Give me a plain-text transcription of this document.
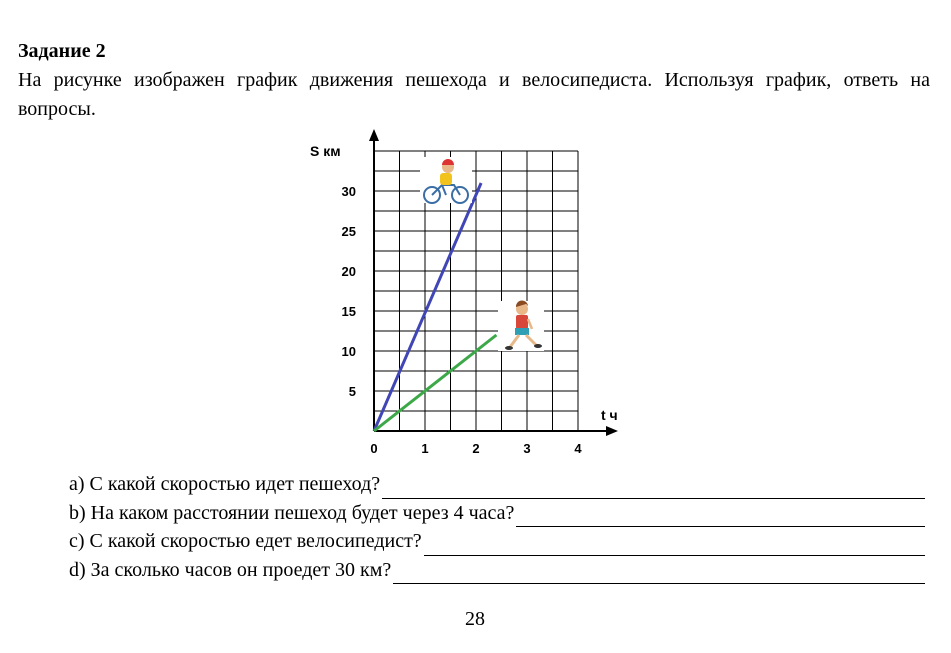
Задание 2
На рисунке изображен график движения пешехода и велосипедиста. Используя график, ответь на вопросы.
S км
t ч
0	1	2	3	4
5
10
15
20
25
30
a) С какой скоростью идет пешеход?
b) На каком расстоянии пешеход будет через 4 часа?
c) С какой скоростью едет велосипедист?
d) За сколько часов он проедет 30 км?
28
